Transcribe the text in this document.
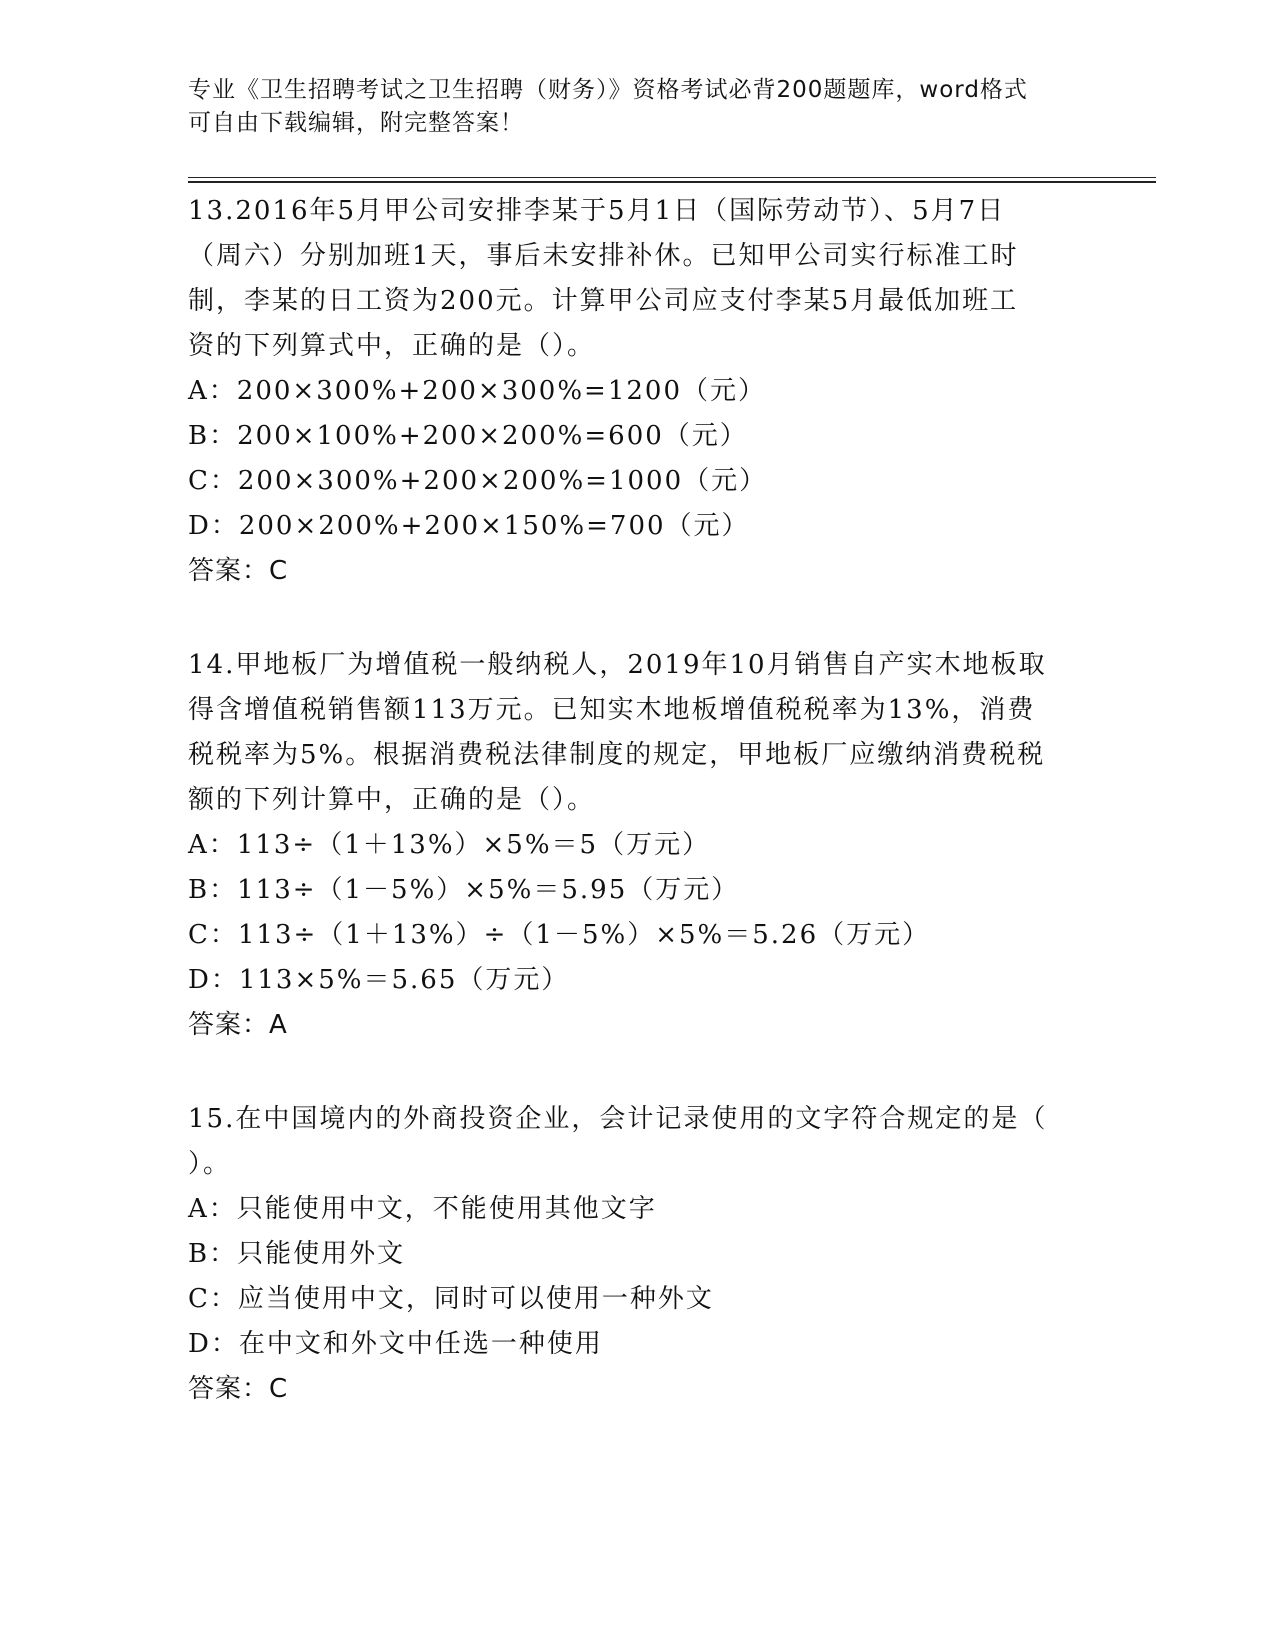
专业《卫生招聘考试之卫生招聘（财务）》资格考试必背200题题库，word格式
可自由下载编辑，附完整答案！
13.2016年5月甲公司安排李某于5月1日（国际劳动节）、5月7日
（周六）分别加班1天，事后未安排补休。已知甲公司实行标准工时
制，李某的日工资为200元。计算甲公司应支付李某5月最低加班工
资的下列算式中，正确的是（）。
A：200×300%+200×300%=1200（元）
B：200×100%+200×200%=600（元）
C：200×300%+200×200%=1000（元）
D：200×200%+200×150%=700（元）
答案：C
14.甲地板厂为增值税一般纳税人，2019年10月销售自产实木地板取
得含增值税销售额113万元。已知实木地板增值税税率为13%，消费
税税率为5%。根据消费税法律制度的规定，甲地板厂应缴纳消费税税
额的下列计算中，正确的是（）。
A：113÷（1＋13%）×5%＝5（万元）
B：113÷（1－5%）×5%＝5.95（万元）
C：113÷（1＋13%）÷（1－5%）×5%＝5.26（万元）
D：113×5%＝5.65（万元）
答案：A
15.在中国境内的外商投资企业，会计记录使用的文字符合规定的是（
）。
A：只能使用中文，不能使用其他文字
B：只能使用外文
C：应当使用中文，同时可以使用一种外文
D：在中文和外文中任选一种使用
答案：C
